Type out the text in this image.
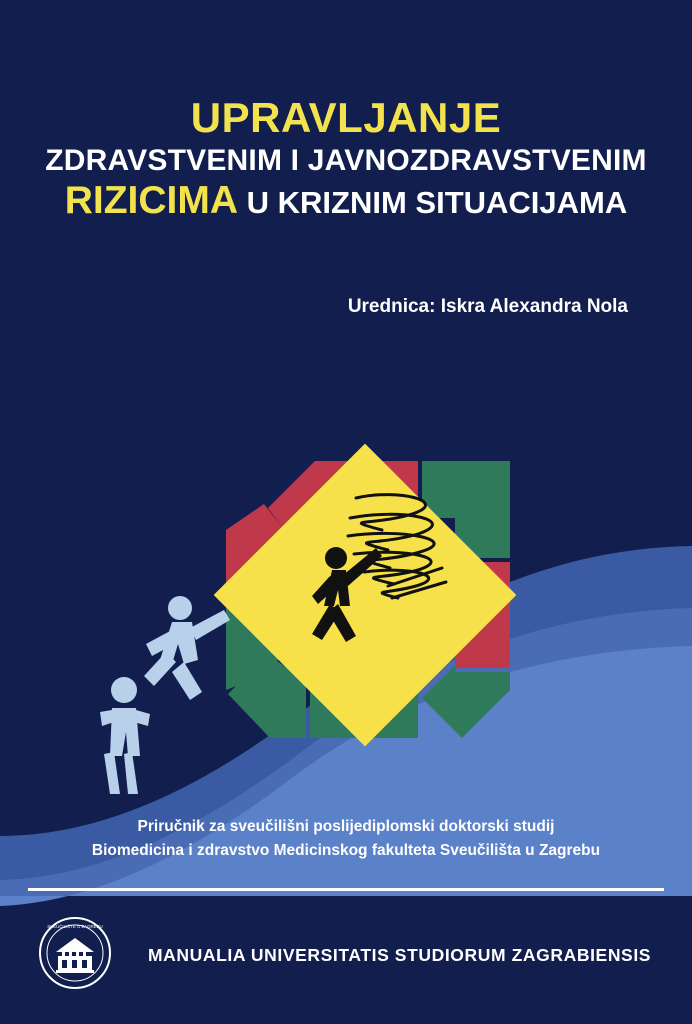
UPRAVLJANJE
ZDRAVSTVENIM I JAVNOZDRAVSTVENIM
RIZICIMA U KRIZNIM SITUACIJAMA
Urednica: Iskra Alexandra Nola
Priručnik za sveučilišni poslijediplomski doktorski studij
Biomedicina i zdravstvo Medicinskog fakulteta Sveučilišta u Zagrebu
SVEUČILIŠTE U ZAGREBU
MANUALIA UNIVERSITATIS STUDIORUM ZAGRABIENSIS
